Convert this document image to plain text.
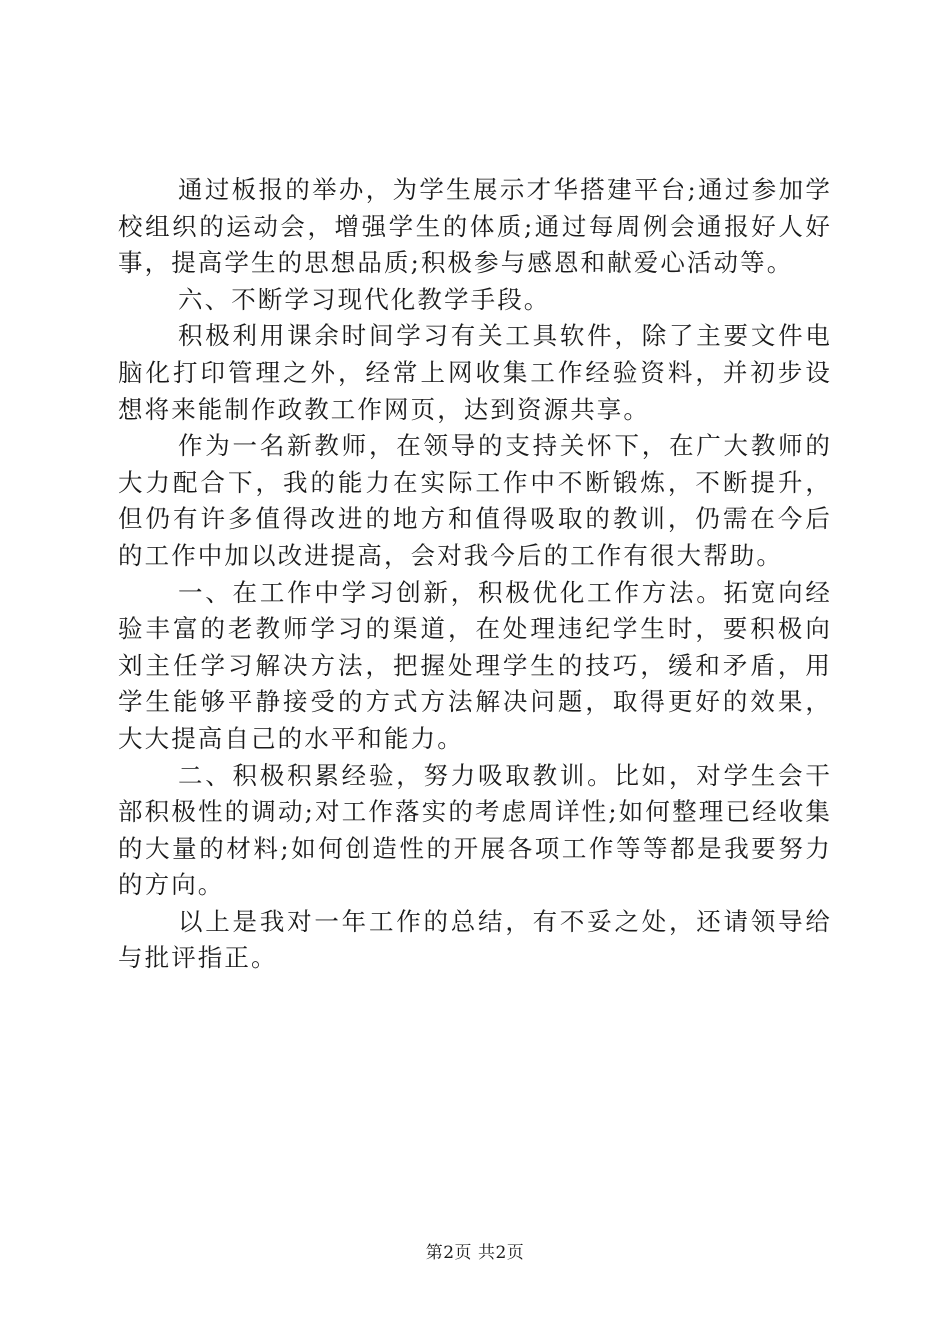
通过板报的举办，为学生展示才华搭建平台;通过参加学校组织的运动会，增强学生的体质;通过每周例会通报好人好事，提高学生的思想品质;积极参与感恩和献爱心活动等。

六、不断学习现代化教学手段。

积极利用课余时间学习有关工具软件，除了主要文件电脑化打印管理之外，经常上网收集工作经验资料，并初步设想将来能制作政教工作网页，达到资源共享。

作为一名新教师，在领导的支持关怀下，在广大教师的大力配合下，我的能力在实际工作中不断锻炼，不断提升，但仍有许多值得改进的地方和值得吸取的教训，仍需在今后的工作中加以改进提高，会对我今后的工作有很大帮助。

一、在工作中学习创新，积极优化工作方法。拓宽向经验丰富的老教师学习的渠道，在处理违纪学生时，要积极向刘主任学习解决方法，把握处理学生的技巧，缓和矛盾，用学生能够平静接受的方式方法解决问题，取得更好的效果，大大提高自己的水平和能力。

二、积极积累经验，努力吸取教训。比如，对学生会干部积极性的调动;对工作落实的考虑周详性;如何整理已经收集的大量的材料;如何创造性的开展各项工作等等都是我要努力的方向。

以上是我对一年工作的总结，有不妥之处，还请领导给与批评指正。

第2页 共2页
